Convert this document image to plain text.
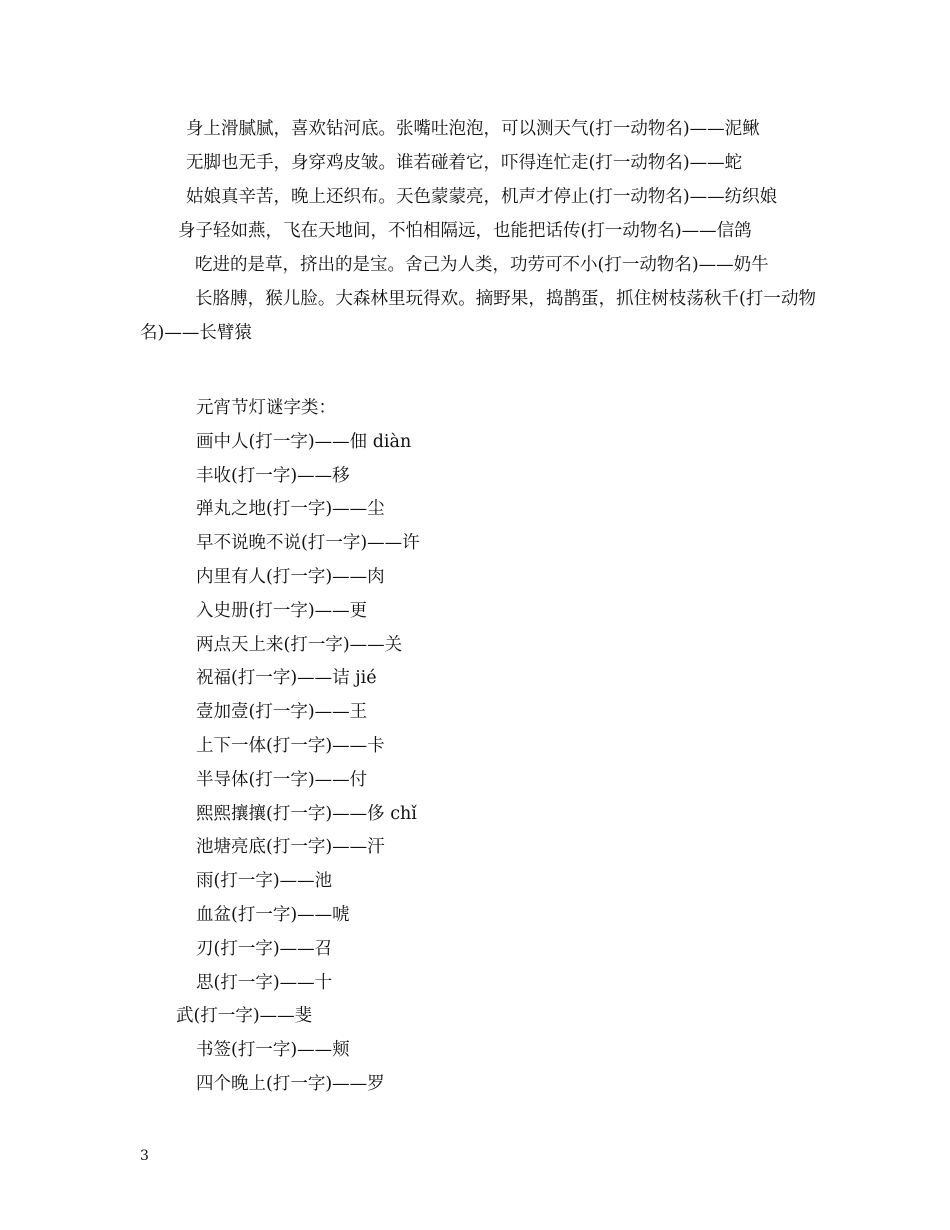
身上滑腻腻，喜欢钻河底。张嘴吐泡泡，可以测天气(打一动物名)——泥鳅

无脚也无手，身穿鸡皮皱。谁若碰着它，吓得连忙走(打一动物名)——蛇

姑娘真辛苦，晚上还织布。天色蒙蒙亮，机声才停止(打一动物名)——纺织娘

身子轻如燕，飞在天地间，不怕相隔远，也能把话传(打一动物名)——信鸽

吃进的是草，挤出的是宝。舍己为人类，功劳可不小(打一动物名)——奶牛

长胳膊，猴儿脸。大森林里玩得欢。摘野果，捣鹊蛋，抓住树枝荡秋千(打一动物名)——长臂猿

元宵节灯谜字类：

画中人(打一字)——佃 diàn

丰收(打一字)——移

弹丸之地(打一字)——尘

早不说晚不说(打一字)——许

内里有人(打一字)——肉

入史册(打一字)——更

两点天上来(打一字)——关

祝福(打一字)——诘 jié

壹加壹(打一字)——王

上下一体(打一字)——卡

半导体(打一字)——付

熙熙攘攘(打一字)——侈 chǐ

池塘亮底(打一字)——汗

雨(打一字)——池

血盆(打一字)——唬

刃(打一字)——召

思(打一字)——十

武(打一字)——斐

书签(打一字)——颊

四个晚上(打一字)——罗

3
